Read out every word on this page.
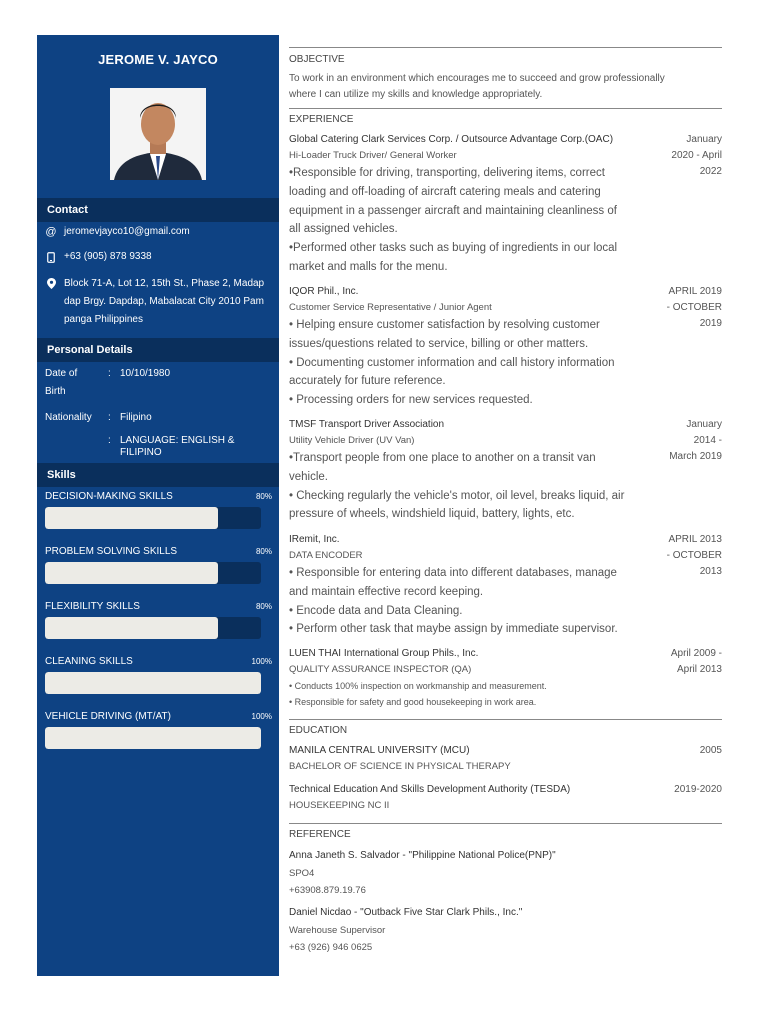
JEROME V. JAYCO
Contact
@ jeromevjayco10@gmail.com
+63 (905) 878 9338
Block 71-A, Lot 12, 15th St., Phase 2, Madap
dap Brgy. Dapdap, Mabalacat City 2010 Pam
panga Philippines
Personal Details
Date of
Birth
: 10/10/1980
Nationality	: Filipino
: LANGUAGE: ENGLISH &
FILIPINO
Skills
DECISION-MAKING SKILLS	80%
PROBLEM SOLVING SKILLS	80%
FLEXIBILITY SKILLS	80%
CLEANING SKILLS	100%
VEHICLE DRIVING (MT/AT)	100%
OBJECTIVE
To work in an environment which encourages me to succeed and grow professionally
where I can utilize my skills and knowledge appropriately.
EXPERIENCE
Global Catering Clark Services Corp. / Outsource Advantage Corp.(OAC)
Hi-Loader Truck Driver/ General Worker
•Responsible for driving, transporting, delivering items, correct
loading and off-loading of aircraft catering meals and catering
equipment in a passenger aircraft and maintaining cleanliness of
all assigned vehicles.
•Performed other tasks such as buying of ingredients in our local
market and malls for the menu.
January
2020 - April
2022
IQOR Phil., Inc.
Customer Service Representative / Junior Agent
• Helping ensure customer satisfaction by resolving customer
issues/questions related to service, billing or other matters.
• Documenting customer information and call history information
accurately for future reference.
• Processing orders for new services requested.
APRIL 2019
- OCTOBER
2019
TMSF Transport Driver Association
Utility Vehicle Driver (UV Van)
•Transport people from one place to another on a transit van
vehicle.
• Checking regularly the vehicle's motor, oil level, breaks liquid, air
pressure of wheels, windshield liquid, battery, lights, etc.
January
2014 -
March 2019
IRemit, Inc.
DATA ENCODER
• Responsible for entering data into different databases, manage
and maintain effective record keeping.
• Encode data and Data Cleaning.
• Perform other task that maybe assign by immediate supervisor.
APRIL 2013
- OCTOBER
2013
LUEN THAI International Group Phils., Inc.
QUALITY ASSURANCE INSPECTOR (QA)
• Conducts 100% inspection on workmanship and measurement.
• Responsible for safety and good housekeeping in work area.
April 2009 -
April 2013
EDUCATION
MANILA CENTRAL UNIVERSITY (MCU)
BACHELOR OF SCIENCE IN PHYSICAL THERAPY
2005
Technical Education And Skills Development Authority (TESDA)
HOUSEKEEPING NC II
2019-2020
REFERENCE
Anna Janeth S. Salvador - "Philippine National Police(PNP)"
SPO4
+63908.879.19.76
Daniel Nicdao - "Outback Five Star Clark Phils., Inc."
Warehouse Supervisor
+63 (926) 946 0625
